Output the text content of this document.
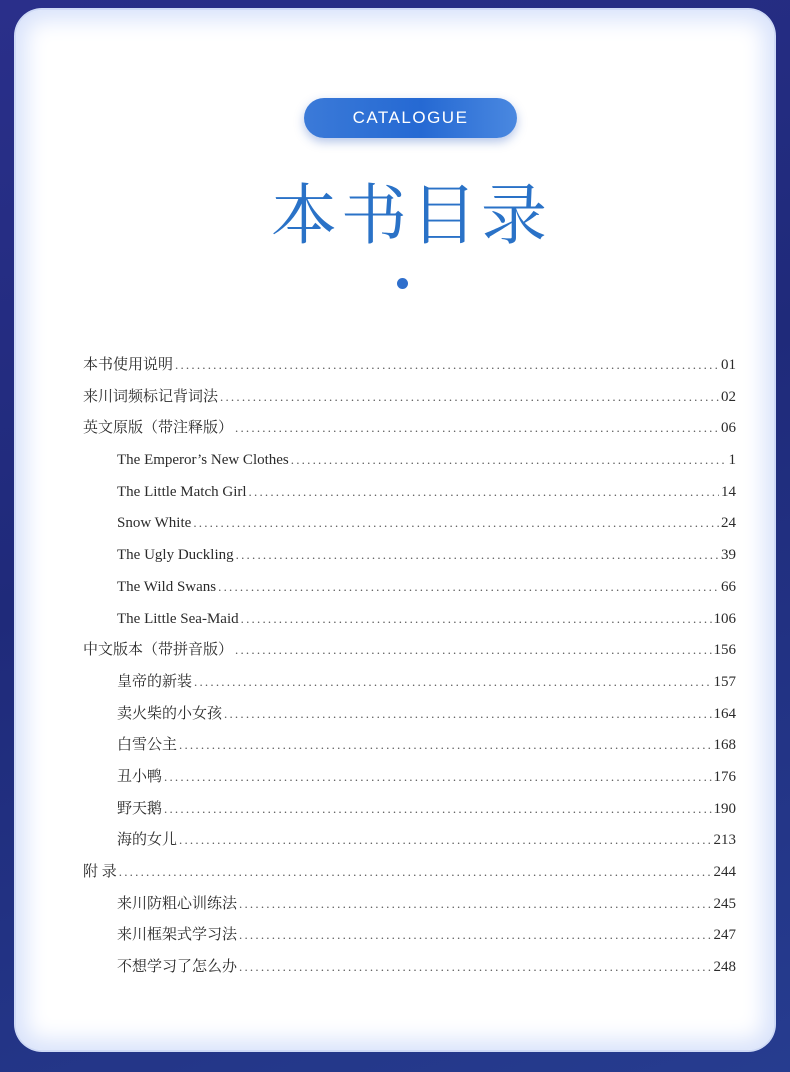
CATALOGUE
本书目录
本书使用说明 .....	01
来川词频标记背词法 .....	02
英文原版（带注释版） .....	06
The Emperor’s New Clothes .....	1
The Little Match Girl .....	14
Snow White .....	24
The Ugly Duckling .....	39
The Wild Swans .....	66
The Little Sea-Maid .....	106
中文版本（带拼音版） .....	156
皇帝的新装 .....	157
卖火柴的小女孩 .....	164
白雪公主 .....	168
丑小鸭 .....	176
野天鹅 .....	190
海的女儿 .....	213
附 录 .....	244
来川防粗心训练法 .....	245
来川框架式学习法 .....	247
不想学习了怎么办 .....	248
